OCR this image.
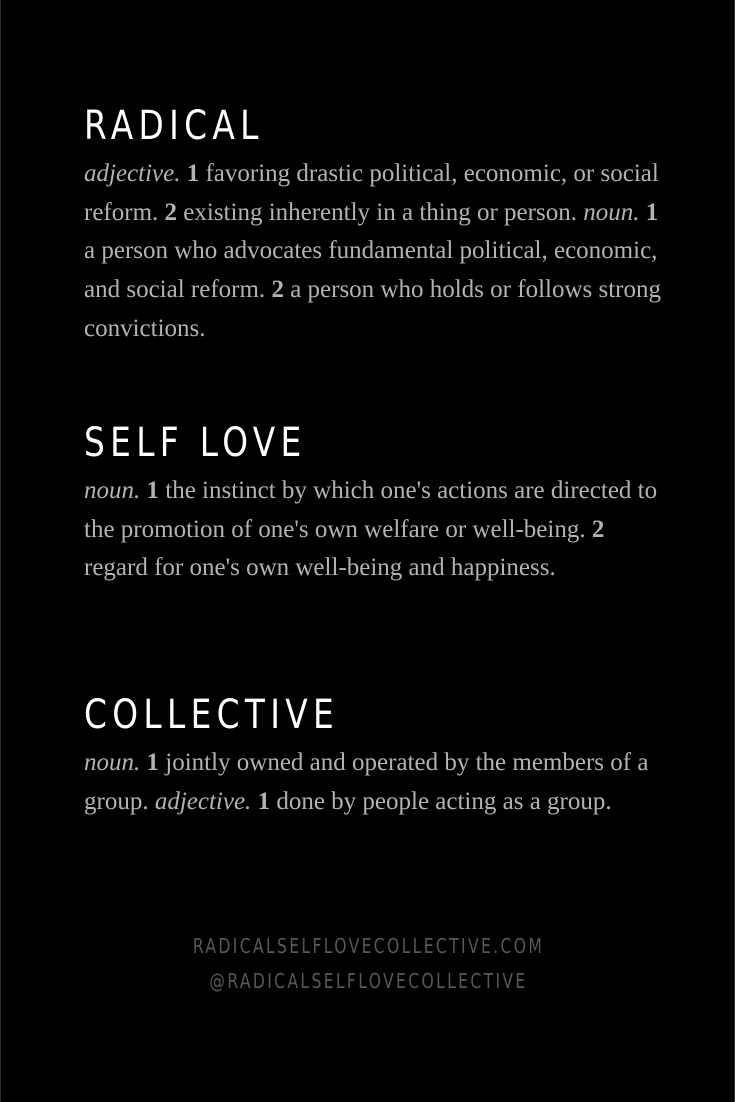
RADICAL

adjective. 1 favoring drastic political, economic, or social reform. 2 existing inherently in a thing or person. noun. 1 a person who advocates fundamental political, economic, and social reform. 2 a person who holds or follows strong convictions.

SELF LOVE

noun. 1 the instinct by which one's actions are directed to the promotion of one's own welfare or well-being. 2 regard for one's own well-being and happiness.

COLLECTIVE

noun. 1 jointly owned and operated by the members of a group. adjective. 1 done by people acting as a group.

RADICALSELFLOVECOLLECTIVE.COM
@RADICALSELFLOVECOLLECTIVE
